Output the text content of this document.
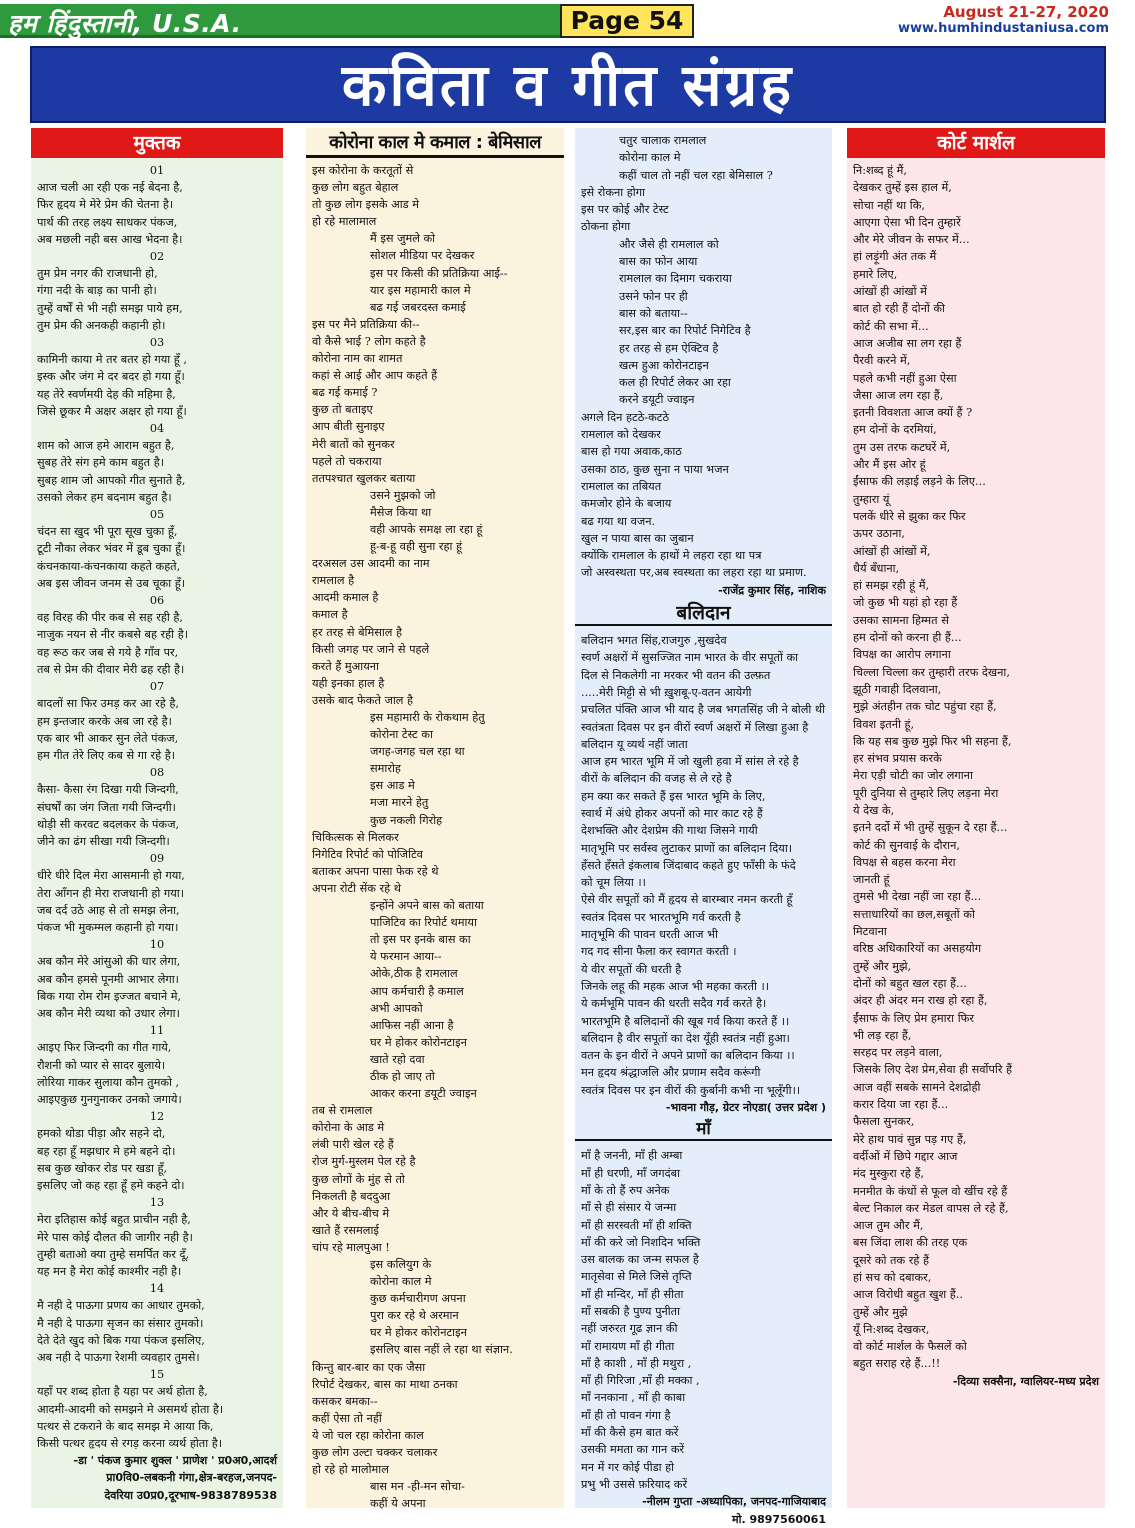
हम हिंदुस्तानी, U.S.A.	Page 54	August 21-27, 2020
www.humhindustaniusa.com
कविता व गीत संग्रह
मुक्तक
01
आज चली आ रही एक नई बेदना है,
फिर हृदय मे मेरे प्रेम की चेतना है।
पार्थ की तरह लक्ष्य साधकर पंकज,
अब मछली नही बस आख भेदना है।
02
तुम प्रेम नगर की राजधानी हो,
गंगा नदी के बाड़ का पानी हो।
तुम्हें वर्षों से भी नही समझ पाये हम,
तुम प्रेम की अनकही कहानी हो।
03
कामिनी काया मे तर बतर हो गया हूँ ,
इस्क और जंग मे दर बदर हो गया हूँ।
यह तेरे स्वर्णमयी देह की महिमा है,
जिसे छूकर मै अक्षर अक्षर हो गया हूँ।
04
शाम को आज हमे आराम बहुत है,
सुबह तेरे संग हमे काम बहुत है।
सुबह शाम जो आपको गीत सुनाते है,
उसको लेकर हम बदनाम बहुत है।
05
चंदन सा खुद भी पूरा सूख चुका हूँ,
टूटी नौका लेकर भंवर में डूब चुका हूँ।
कंचनकाया-कंचनकाया कहते कहते,
अब इस जीवन जनम से उब चूका हूँ।
06
वह विरह की पीर कब से सह रही है,
नाजुक नयन से नीर कबसे बह रही है।
वह रूठ कर जब से गये है गाँव पर,
तब से प्रेम की दीवार मेरी ढह रही है।
07
बादलों सा फिर उमड़ कर आ रहे है,
हम इन्तजार करके अब जा रहे है।
एक बार भी आकर सुन लेते पंकज,
हम गीत तेरे लिए कब से गा रहे है।
08
कैसा- कैसा रंग दिखा गयी जिन्दगी,
संघर्षों का जंग जिता गयी जिन्दगी।
थोड़ी सी करवट बदलकर के पंकज,
जीने का ढंग सीखा गयी जिन्दगी।
09
धीरे धीरे दिल मेरा आसमानी हो गया,
तेरा आँगन ही मेरा राजधानी हो गया।
जब दर्द उठे आह से तो समझ लेना,
पंकज भी मुकम्मल कहानी हो गया।
10
अब कौन मेरे आंसुओ की धार लेगा,
अब कौन हमसे पूनमी आभार लेगा।
बिक गया रोम रोम इज्जत बचाने मे,
अब कौन मेरी व्यथा को उधार लेगा।
11
आइए फिर जिन्दगी का गीत गाये,
रौशनी को प्यार से सादर बुलाये।
लोरिया गाकर सुलाया कौन तुमको ,
आइएकुछ गुनगुनाकर उनको जगाये।
12
हमको थोडा पीड़ा और सहने दो,
बह रहा हूँ मझधार मे हमे बहने दो।
सब कुछ खोकर रोड पर खडा हूँ,
इसलिए जो कह रहा हूँ हमे कहने दो।
13
मेरा इतिहास कोई बहुत प्राचीन नही है,
मेरे पास कोई दौलत की जागीर नही है।
तुम्ही बताओ क्या तुम्हे समर्पित कर दूँ,
यह मन है मेरा कोई काश्मीर नही है।
14
मै नही दे पाऊगा प्रणय का आधार तुमको,
मै नही दे पाऊगा सृजन का संसार तुमको।
देते देते खुद को बिक गया पंकज इसलिए,
अब नही दे पाऊगा रेशमी व्यवहार तुमसे।
15
यहाँ पर शब्द होता है यहा पर अर्थ होता है,
आदमी-आदमी को समझने मे असमर्थ होता है।
पत्थर से टकराने के बाद समझ मे आया कि,
किसी पत्थर हृदय से रगड़ करना व्यर्थ होता है।
-डा ' पंकज कुमार शुक्ल ' प्राणेश ' प्र0अ0,आदर्श
प्रा0वि0-लबकनी गंगा,क्षेत्र-बरहज,जनपद-
देवरिया उ0प्र0,दूरभाष-9838789538
कोरोना काल मे कमाल : बेमिसाल
इस कोरोना के करतूतों से
कुछ लोग बहुत बेहाल
तो कुछ लोग इसके आड मे
हो रहे मालामाल
मैं इस जुमले को
सोशल मीडिया पर देखकर
इस पर किसी की प्रतिक्रिया आई--
यार इस महामारी काल मे
बढ गई जबरदस्त कमाई
इस पर मैने प्रतिक्रिया की--
वो कैसे भाई ? लोग कहते है
कोरोना नाम का शामत
कहां से आई और आप कहते हैं
बढ गई कमाई ?
कुछ तो बताइए
आप बीती सुनाइए
मेरी बातों को सुनकर
पहले तो चकराया
ततपश्चात खुलकर बताया
उसने मुझको जो
मैसेज किया था
वही आपके समक्ष ला रहा हूं
हू-ब-हू वही सुना रहा हूं
दरअसल उस आदमी का नाम
रामलाल है
आदमी कमाल है
कमाल है
हर तरह से बेमिसाल है
किसी जगह पर जाने से पहले
करते हैं मुआयना
यही इनका हाल है
उसके बाद फेकते जाल है
इस महामारी के रोकथाम हेतु
कोरोना टेस्ट का
जगह-जगह चल रहा था
समारोह
इस आड मे
मजा मारने हेतु
कुछ नकली गिरोह
चिकित्सक से मिलकर
निगेटिव रिपोर्ट को पोजिटिव
बताकर अपना पासा फेक रहे थे
अपना रोटी सेंक रहे थे
इन्होंने अपने बास को बताया
पाजिटिव का रिपोर्ट थमाया
तो इस पर इनके बास का
ये फरमान आया--
ओके,ठीक है रामलाल
आप कर्मचारी है कमाल
अभी आपको
आफिस नहीं आना है
घर मे होकर कोरोनटाइन
खाते रहो दवा
ठीक हो जाए तो
आकर करना डयूटी ज्वाइन
तब से रामलाल
कोरोना के आड मे
लंबी पारी खेल रहे हैं
रोज मुर्ग-मुस्लम पेल रहे है
कुछ लोगों के मुंह से तो
निकलती है बददुआ
और ये बीच-बीच मे
खाते हैं रसमलाई
चांप रहे मालपुआ !
इस कलियुग के
कोरोना काल मे
कुछ कर्मचारीगण अपना
पुरा कर रहे थे अरमान
घर मे होकर कोरोनटाइन
इसलिए बास नहीं ले रहा था संज्ञान.
किन्तु बार-बार का एक जैसा
रिपोर्ट देखकर, बास का माथा ठनका
कसकर बमका--
कहीं ऐसा तो नहीं
ये जो चल रहा कोरोना काल
कुछ लोग उल्टा चक्कर चलाकर
हो रहे हो मालोमाल
बास मन -ही-मन सोचा-
कहीं ये अपना
चतुर चालाक रामलाल
कोरोना काल मे
कहीं चाल तो नहीं चल रहा बेमिसाल ?
इसे रोकना होगा
इस पर कोई और टेस्ट
ठोकना होगा
और जैसे ही रामलाल को
बास का फोन आया
रामलाल का दिमाग चकराया
उसने फोन पर ही
बास को बताया--
सर,इस बार का रिपोर्ट निगेटिव है
हर तरह से हम ऐक्टिव है
खत्म हुआ कोरोनटाइन
कल ही रिपोर्ट लेकर आ रहा
करने डयूटी ज्वाइन
अगले दिन हटठे-कटठे
रामलाल को देखकर
बास हो गया अवाक,काठ
उसका ठाठ, कुछ सुना न पाया भजन
रामलाल का तबियत
कमजोर होने के बजाय
बढ गया था वजन.
खुल न पाया बास का जुबान
क्योंकि रामलाल के हाथों मे लहरा रहा था पत्र
जो अस्वस्थता पर,अब स्वस्थता का लहरा रहा था प्रमाण.
-राजेंद्र कुमार सिंह, नाशिक
बलिदान
बलिदान भगत सिंह,राजगुरु ,सुखदेव
स्वर्ण अक्षरों में सुसज्जित नाम भारत के वीर सपूतों का
दिल से निकलेगी ना मरकर भी वतन की उल्फ़त
.....मेरी मिट्टी से भी ख़ुशबू-ए-वतन आयेगी
प्रचलित पंक्ति आज भी याद है जब भगतसिंह जी ने बोली थी
स्वतंत्रता दिवस पर इन वीरों स्वर्ण अक्षरों में लिखा हुआ है
बलिदान यू व्यर्थ नहीं जाता
आज हम भारत भूमि में जो खुली हवा में सांस ले रहे है
वीरों के बलिदान की वजह से ले रहे है
हम क्या कर सकते हैं इस भारत भूमि के लिए,
स्वार्थ में अंधे होकर अपनों को मार काट रहे हैं
देशभक्ति और देशप्रेम की गाथा जिसने गायी
मातृभूमि पर सर्वस्व लुटाकर प्राणों का बलिदान दिया।
हँसते हँसते इंकलाब जिंदाबाद कहते हुए फाँसी के फंदे
को चूम लिया ।।
ऐसे वीर सपूतों को मैं हृदय से बारम्बार नमन करती हूँ
स्वतंत्र दिवस पर भारतभूमि गर्व करती है
मातृभूमि की पावन धरती आज भी
गद गद सीना फैला कर स्वागत करती ।
ये वीर सपूतों की धरती है
जिनके लहू की महक आज भी महका करती ।।
ये कर्मभूमि पावन की धरती सदैव गर्व करते है।
भारतभूमि है बलिदानों की खूब गर्व किया करते हैं ।।
बलिदान है वीर सपूतों का देश यूँही स्वतंत्र नहीं हुआ।
वतन के इन वीरों ने अपने प्राणों का बलिदान किया ।।
मन हृदय श्रंद्धाजलि और प्रणाम सदैव करूंगी
स्वतंत्र दिवस पर इन वीरों की कुर्बानी कभी ना भूलूँगी।।
-भावना गौड़, ग्रेटर नोएडा( उत्तर प्रदेश )
माँ
माँ है जननी, माँ ही अम्बा
माँ ही धरणी, माँ जगदंबा
माँ के तो हैं रुप अनेक
माँ से ही संसार ये जन्मा
माँ ही सरस्वती माँ ही शक्ति
माँ की करे जो निशदिन भक्ति
उस बालक का जन्म सफल है
मातृसेवा से मिले जिसे तृप्ति
माँ ही मन्दिर, माँ ही सीता
माँ सबकी है पुण्य पुनीता
नहीं जरुरत गूढ ज्ञान की
माँ रामायण माँ ही गीता
माँ है काशी , माँ ही मथुरा ,
माँ ही गिरिजा ,माँ ही मक्का ,
माँ ननकाना , माँ ही काबा
माँ ही तो पावन गंगा है
माँ की कैसे हम बात करें
उसकी ममता का गान करें
मन में गर कोई पीडा हो
प्रभु भी उससे फ़रियाद करें
-नीलम गुप्ता -अध्यापिका, जनपद-गाजियाबाद
मो. 9897560061
कोर्ट मार्शल
नि:शब्द हूं मैं,
देखकर तुम्हें इस हाल में,
सोचा नहीं था कि,
आएगा ऐसा भी दिन तुम्हारें
और मेरे जीवन के सफर में...
हां लड़ूंगी अंत तक मैं
हमारे लिए,
आंखों ही आंखों में
बात हो रही हैं दोनों की
कोर्ट की सभा में...
आज अजीब सा लग रहा हैं
पैरवी करने में,
पहले कभी नहीं हुआ ऐसा
जैसा आज लग रहा हैं,
इतनी विवशता आज क्यों हैं ?
हम दोनों के दरमियां,
तुम उस तरफ कटघरें में,
और मैं इस ओर हूं
ईंसाफ की लड़ाई लड़ने के लिए...
तुम्हारा यूं
पलकें धीरे से झुका कर फिर
ऊपर उठाना,
आंखों ही आंखों में,
धैर्य बँधाना,
हां समझ रही हूं मैं,
जो कुछ भी यहां हो रहा हैं
उसका सामना हिम्मत से
हम दोनों को करना ही हैं...
विपक्ष का आरोप लगाना
चिल्ला चिल्ला कर तुम्हारी तरफ देखना,
झूठी गवाही दिलवाना,
मुझे अंतहीन तक चोट पहुंचा रहा हैं,
विवश इतनी हूं,
कि यह सब कुछ मुझे फिर भी सहना हैं,
हर संभव प्रयास करके
मेरा एड़ी चोटी का जोर लगाना
पूरी दुनिया से तुम्हारे लिए लड़ना मेरा
ये देख के,
इतने दर्दो में भी तुम्हें सुकून दे रहा हैं...
कोर्ट की सुनवाई के दौरान,
विपक्ष से बहस करना मेरा
जानती हूं
तुमसे भी देखा नहीं जा रहा हैं...
सत्ताधारियों का छल,सबूतों को
मिटवाना
वरिष्ठ अधिकारियों का असहयोग
तुम्हें और मुझे,
दोनों को बहुत खल रहा हैं...
अंदर ही अंदर मन राख हो रहा हैं,
ईंसाफ के लिए प्रेम हमारा फिर
भी लड़ रहा हैं,
सरहद पर लड़ने वाला,
जिसके लिए देश प्रेम,सेवा ही सर्वोपरि हैं
आज वहीं सबके सामने देशद्रोही
करार दिया जा रहा हैं...
फैसला सुनकर,
मेरे हाथ पावं सुन्न पड़ गए हैं,
वर्दीओं में छिपे गद्दार आज
मंद मुस्कुरा रहे हैं,
मनमीत के कंधों से फूल वो खींच रहे हैं
बेल्ट निकाल कर मेडल वापस ले रहे हैं,
आज तुम और मैं,
बस जिंदा लाश की तरह एक
दूसरे को तक रहे हैं
हां सच को दबाकर,
आज विरोधी बहुत खुश हैं..
तुम्हें और मुझे
यूँ नि:शब्द देखकर,
वो कोर्ट मार्शल के फैसलें को
बहुत सराह रहे हैं...!!
-दिव्या सक्सैना, ग्वालियर-मध्य प्रदेश
